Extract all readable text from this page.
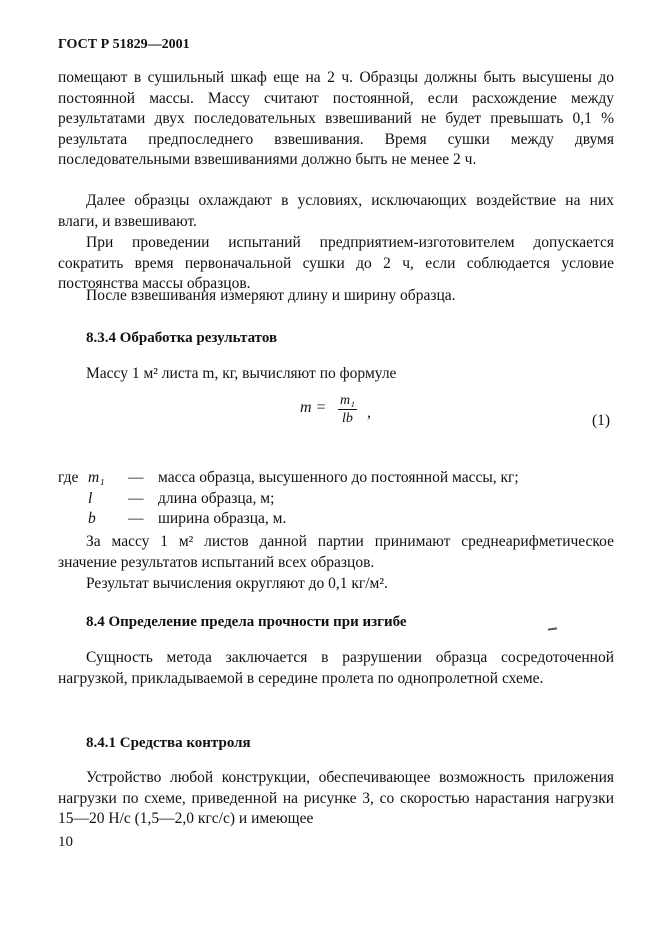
ГОСТ Р 51829—2001
помещают в сушильный шкаф еще на 2 ч. Образцы должны быть высушены до постоянной массы. Массу считают постоянной, если расхождение между результатами двух последовательных взвешиваний не будет превышать 0,1 % результата предпоследнего взвешивания. Время сушки между двумя последовательными взвешиваниями должно быть не менее 2 ч.
Далее образцы охлаждают в условиях, исключающих воздействие на них влаги, и взвешивают.
При проведении испытаний предприятием-изготовителем допускается сократить время первоначальной сушки до 2 ч, если соблюдается условие постоянства массы образцов.
После взвешивания измеряют длину и ширину образца.
8.3.4 Обработка результатов
Массу 1 м² листа m, кг, вычисляют по формуле
$m = \frac{\text{m₁}}{lb}$ ,	(1)
где m₁ — масса образца, высушенного до постоянной массы, кг;
l — длина образца, м;
b — ширина образца, м.
За массу 1 м² листов данной партии принимают среднеарифметическое значение результатов испытаний всех образцов.
Результат вычисления округляют до 0,1 кг/м².
8.4 Определение предела прочности при изгибе
Сущность метода заключается в разрушении образца сосредоточенной нагрузкой, прикладываемой в середине пролета по однопролетной схеме.
8.4.1 Средства контроля
Устройство любой конструкции, обеспечивающее возможность приложения нагрузки по схеме, приведенной на рисунке 3, со скоростью нарастания нагрузки 15—20 Н/с (1,5—2,0 кгс/с) и имеющее
10
